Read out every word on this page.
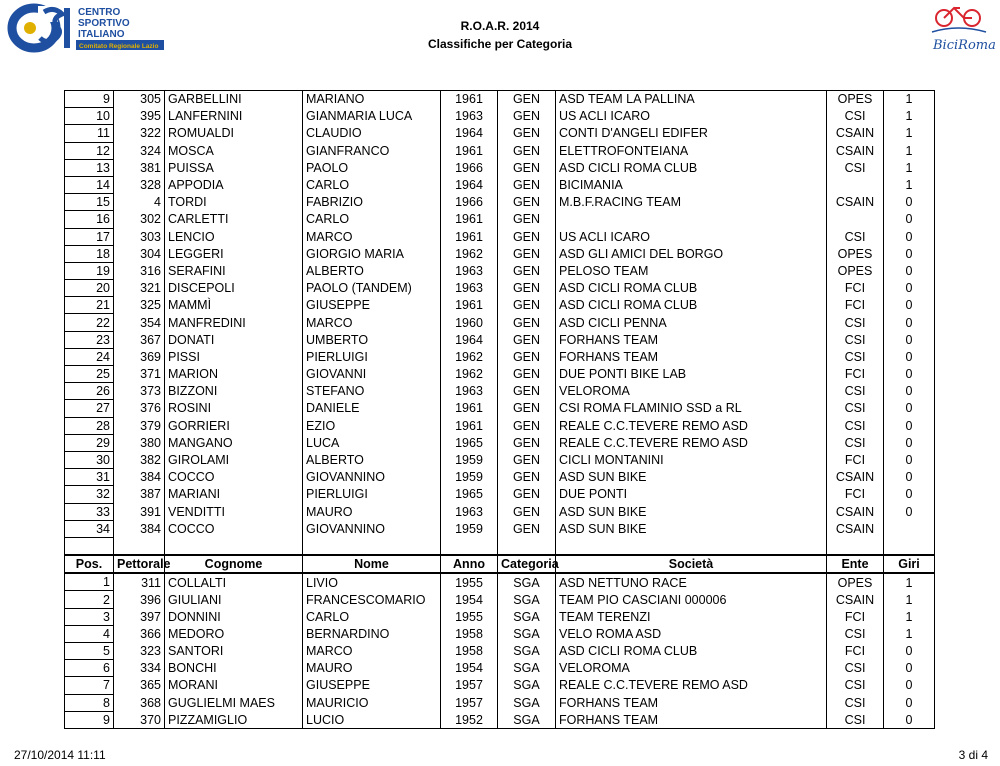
CENTRO
SPORTIVO
ITALIANO
Comitato Regionale Lazio
R.O.A.R. 2014
Classifiche per Categoria	BiciRoma
9	305	GARBELLINI	MARIANO	1961	GEN	ASD TEAM LA PALLINA	OPES	1
10	395	LANFERNINI	GIANMARIA LUCA	1963	GEN	US ACLI ICARO	CSI	1
11	322	ROMUALDI	CLAUDIO	1964	GEN	CONTI D'ANGELI EDIFER	CSAIN	1
12	324	MOSCA	GIANFRANCO	1961	GEN	ELETTROFONTEIANA	CSAIN	1
13	381	PUISSA	PAOLO	1966	GEN	ASD CICLI ROMA CLUB	CSI	1
14	328	APPODIA	CARLO	1964	GEN	BICIMANIA		1
15	4	TORDI	FABRIZIO	1966	GEN	M.B.F.RACING TEAM	CSAIN	0
16	302	CARLETTI	CARLO	1961	GEN			0
17	303	LENCIO	MARCO	1961	GEN	US ACLI ICARO	CSI	0
18	304	LEGGERI	GIORGIO MARIA	1962	GEN	ASD GLI AMICI DEL BORGO	OPES	0
19	316	SERAFINI	ALBERTO	1963	GEN	PELOSO TEAM	OPES	0
20	321	DISCEPOLI	PAOLO (TANDEM)	1963	GEN	ASD CICLI ROMA CLUB	FCI	0
21	325	MAMMÌ	GIUSEPPE	1961	GEN	ASD CICLI ROMA CLUB	FCI	0
22	354	MANFREDINI	MARCO	1960	GEN	ASD CICLI PENNA	CSI	0
23	367	DONATI	UMBERTO	1964	GEN	FORHANS TEAM	CSI	0
24	369	PISSI	PIERLUIGI	1962	GEN	FORHANS TEAM	CSI	0
25	371	MARION	GIOVANNI	1962	GEN	DUE PONTI BIKE LAB	FCI	0
26	373	BIZZONI	STEFANO	1963	GEN	VELOROMA	CSI	0
27	376	ROSINI	DANIELE	1961	GEN	CSI ROMA FLAMINIO SSD a RL	CSI	0
28	379	GORRIERI	EZIO	1961	GEN	REALE C.C.TEVERE REMO ASD	CSI	0
29	380	MANGANO	LUCA	1965	GEN	REALE C.C.TEVERE REMO ASD	CSI	0
30	382	GIROLAMI	ALBERTO	1959	GEN	CICLI MONTANINI	FCI	0
31	384	COCCO	GIOVANNINO	1959	GEN	ASD SUN BIKE	CSAIN	0
32	387	MARIANI	PIERLUIGI	1965	GEN	DUE PONTI	FCI	0
33	391	VENDITTI	MAURO	1963	GEN	ASD SUN BIKE	CSAIN	0
34	384	COCCO	GIOVANNINO	1959	GEN	ASD SUN BIKE	CSAIN	

Pos.	Pettorale	Cognome	Nome	Anno	Categoria	Società	Ente	Giri
1	311	COLLALTI	LIVIO	1955	SGA	ASD NETTUNO RACE	OPES	1
2	396	GIULIANI	FRANCESCOMARIO	1954	SGA	TEAM PIO CASCIANI 000006	CSAIN	1
3	397	DONNINI	CARLO	1955	SGA	TEAM TERENZI	FCI	1
4	366	MEDORO	BERNARDINO	1958	SGA	VELO ROMA ASD	CSI	1
5	323	SANTORI	MARCO	1958	SGA	ASD CICLI ROMA CLUB	FCI	0
6	334	BONCHI	MAURO	1954	SGA	VELOROMA	CSI	0
7	365	MORANI	GIUSEPPE	1957	SGA	REALE C.C.TEVERE REMO ASD	CSI	0
8	368	GUGLIELMI MAES	MAURICIO	1957	SGA	FORHANS TEAM	CSI	0
9	370	PIZZAMIGLIO	LUCIO	1952	SGA	FORHANS TEAM	CSI	0
27/10/2014 11:11	3 di 4
